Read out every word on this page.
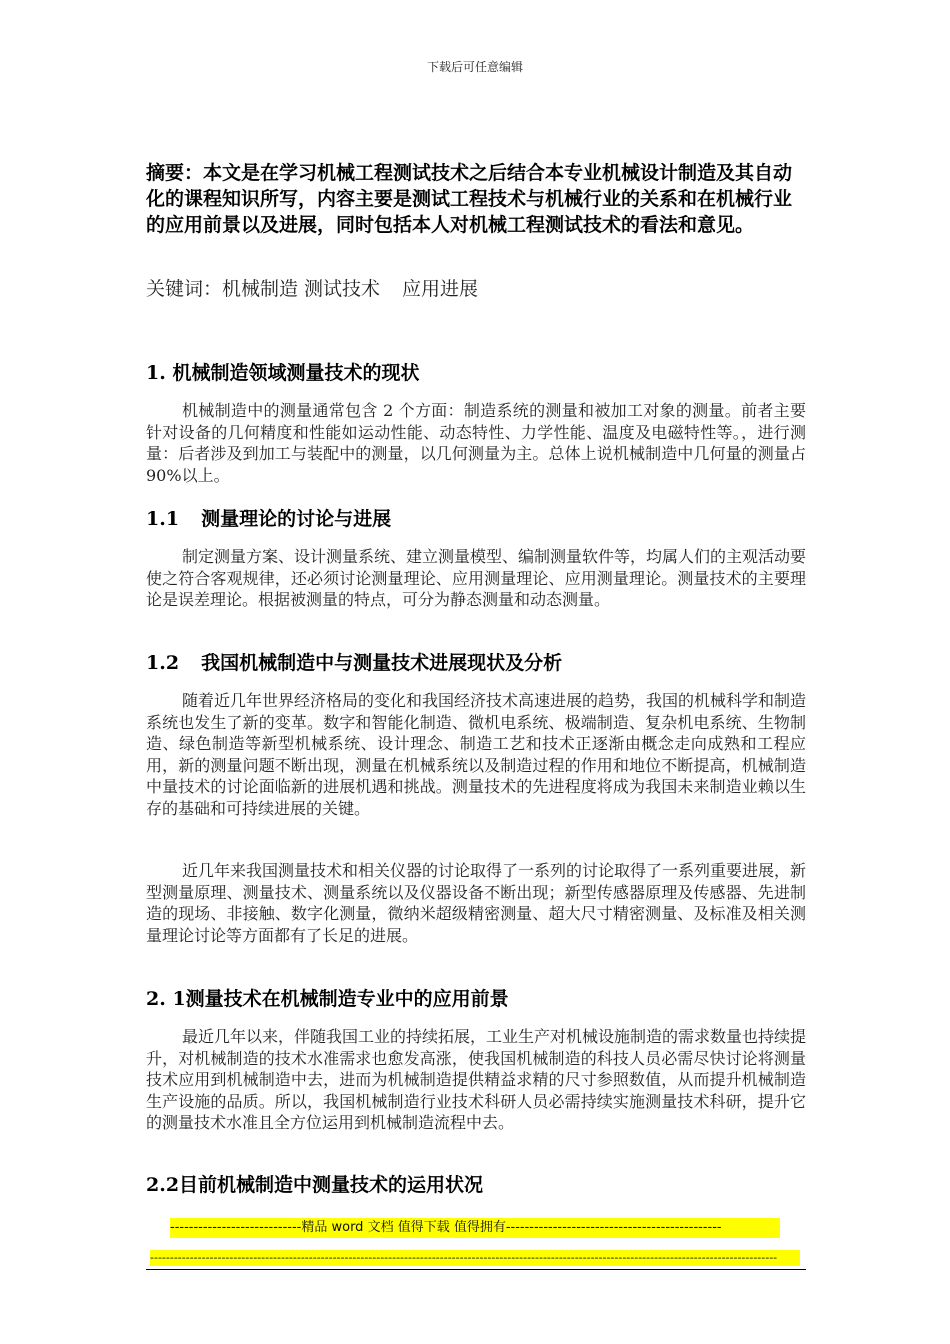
下载后可任意编辑

摘要：本文是在学习机械工程测试技术之后结合本专业机械设计制造及其自动化的课程知识所写，内容主要是测试工程技术与机械行业的关系和在机械行业的应用前景以及进展，同时包括本人对机械工程测试技术的看法和意见。

关键词：机械制造 测试技术 应用进展

1. 机械制造领域测量技术的现状

机械制造中的测量通常包含 2 个方面：制造系统的测量和被加工对象的测量。前者主要针对设备的几何精度和性能如运动性能、动态特性、力学性能、温度及电磁特性等。，进行测量：后者涉及到加工与装配中的测量，以几何测量为主。总体上说机械制造中几何量的测量占 90%以上。

1.1 测量理论的讨论与进展

制定测量方案、设计测量系统、建立测量模型、编制测量软件等，均属人们的主观活动要使之符合客观规律，还必须讨论测量理论、应用测量理论、应用测量理论。测量技术的主要理论是误差理论。根据被测量的特点，可分为静态测量和动态测量。

1.2 我国机械制造中与测量技术进展现状及分析

随着近几年世界经济格局的变化和我国经济技术高速进展的趋势，我国的机械科学和制造系统也发生了新的变革。数字和智能化制造、微机电系统、极端制造、复杂机电系统、生物制造、绿色制造等新型机械系统、设计理念、制造工艺和技术正逐渐由概念走向成熟和工程应用，新的测量问题不断出现，测量在机械系统以及制造过程的作用和地位不断提高，机械制造中量技术的讨论面临新的进展机遇和挑战。测量技术的先进程度将成为我国未来制造业赖以生存的基础和可持续进展的关键。

近几年来我国测量技术和相关仪器的讨论取得了一系列的讨论取得了一系列重要进展，新型测量原理、测量技术、测量系统以及仪器设备不断出现；新型传感器原理及传感器、先进制造的现场、非接触、数字化测量，微纳米超级精密测量、超大尺寸精密测量、及标准及相关测量理论讨论等方面都有了长足的进展。

2. 1测量技术在机械制造专业中的应用前景

最近几年以来，伴随我国工业的持续拓展，工业生产对机械设施制造的需求数量也持续提升，对机械制造的技术水准需求也愈发高涨，使我国机械制造的科技人员必需尽快讨论将测量技术应用到机械制造中去，进而为机械制造提供精益求精的尺寸参照数值，从而提升机械制造生产设施的品质。所以，我国机械制造行业技术科研人员必需持续实施测量技术科研，提升它的测量技术水准且全方位运用到机械制造流程中去。

2.2目前机械制造中测量技术的运用状况
----------------------------精品 word 文档 值得下载 值得拥有----------------------------------------------
--------------------------------------------------------------------------------------------------------------------------------------------------------------
